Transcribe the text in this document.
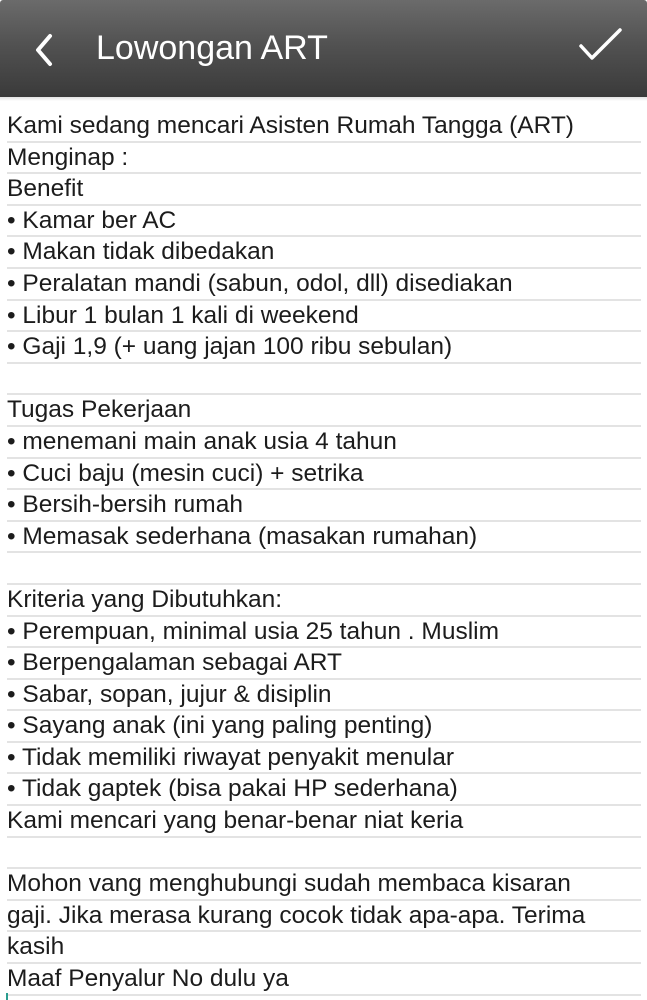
Lowongan ART
Kami sedang mencari Asisten Rumah Tangga (ART)
Menginap :
Benefit
• Kamar ber AC
• Makan tidak dibedakan
• Peralatan mandi (sabun, odol, dll) disediakan
• Libur 1 bulan 1 kali di weekend
• Gaji 1,9 (+ uang jajan 100 ribu sebulan)
Tugas Pekerjaan
• menemani main anak usia 4 tahun
• Cuci baju (mesin cuci) + setrika
• Bersih-bersih rumah
• Memasak sederhana (masakan rumahan)
Kriteria yang Dibutuhkan:
• Perempuan, minimal usia 25 tahun . Muslim
• Berpengalaman sebagai ART
• Sabar, sopan, jujur & disiplin
• Sayang anak (ini yang paling penting)
• Tidak memiliki riwayat penyakit menular
• Tidak gaptek (bisa pakai HP sederhana)
Kami mencari yang benar-benar niat keria
Mohon vang menghubungi sudah membaca kisaran
gaji. Jika merasa kurang cocok tidak apa-apa. Terima
kasih
Maaf Penyalur No dulu ya
